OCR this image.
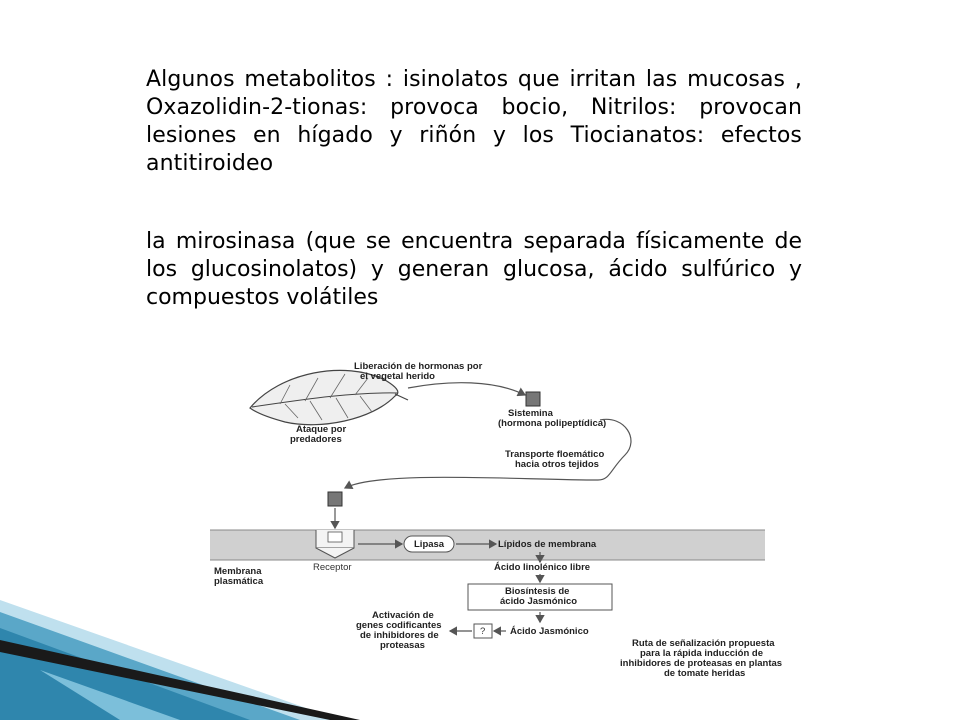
Algunos metabolitos : isinolatos que irritan las mucosas , Oxazolidin-2-tionas: provoca bocio, Nitrilos: provocan lesiones en hígado y riñón y los Tiocianatos: efectos antitiroideo

la mirosinasa (que se encuentra separada físicamente de los glucosinolatos) y generan glucosa, ácido sulfúrico y compuestos volátiles

Liberación de hormonas por
el vegetal herido
Ataque por
predadores
Sistemina
(hormona polipeptídica)
Transporte floemático
hacia otros tejidos
Lipasa	Lípidos de membrana
Membrana
plasmática
Receptor	Ácido linolénico libre
Biosíntesis de
ácido Jasmónico
Ácido Jasmónico
?
Activación de
genes codificantes
de inhibidores de
proteasas	Ruta de señalización propuesta
para la rápida inducción de
inhibidores de proteasas en plantas
de tomate heridas
